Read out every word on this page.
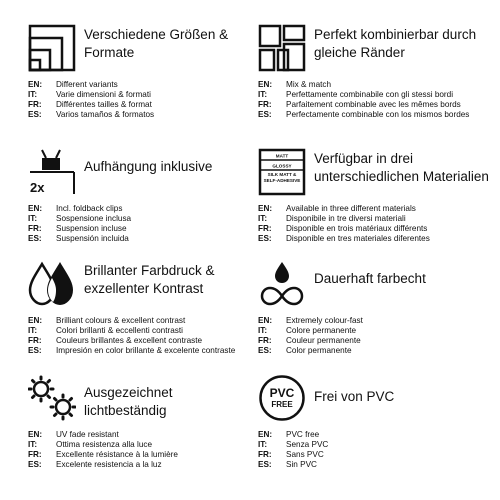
Verschiedene Größen & Formate
EN:	Different variants
IT:	Varie dimensioni & formati
FR:	Différentes tailles & format
ES:	Varios tamaños & formatos
Perfekt kombinierbar durch gleiche Ränder
EN:	Mix & match
IT:	Perfettamente combinabile con gli stessi bordi
FR:	Parfaitement combinable avec les mêmes bords
ES:	Perfectamente combinable con los mismos bordes
2x
Aufhängung inklusive
EN:	Incl. foldback clips
IT:	Sospensione inclusa
FR:	Suspension incluse
ES:	Suspensión incluida
MATT
GLOSSY
SILK MATT & SELF-ADHESIVE
Verfügbar in drei unterschiedlichen Materialien
EN:	Available in three different materials
IT:	Disponibile in tre diversi materiali
FR:	Disponible en trois matériaux différents
ES:	Disponible en tres materiales diferentes
Brillanter Farbdruck & exzellenter Kontrast
EN:	Brilliant colours & excellent contrast
IT:	Colori brillanti & eccellenti contrasti
FR:	Couleurs brillantes & excellent contraste
ES:	Impresión en color brillante & excelente contraste
Dauerhaft farbecht
EN:	Extremely colour-fast
IT:	Colore permanente
FR:	Couleur permanente
ES:	Color permanente
Ausgezeichnet lichtbeständig
EN:	UV fade resistant
IT:	Ottima resistenza alla luce
FR:	Excellente résistance à la lumière
ES:	Excelente resistencia a la luz
PVC
FREE
Frei von PVC
EN:	PVC free
IT:	Senza PVC
FR:	Sans PVC
ES:	Sin PVC
